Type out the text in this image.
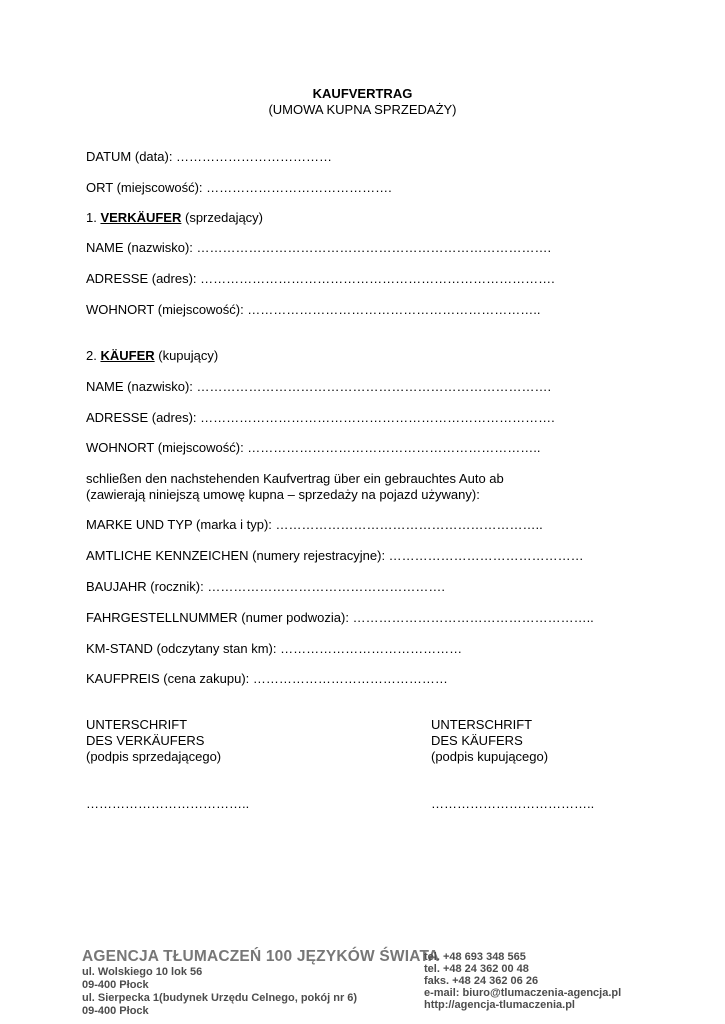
KAUFVERTRAG
(UMOWA KUPNA SPRZEDAŻY)
DATUM (data): ………………………………
ORT (miejscowość): …………………………………….
1. VERKÄUFER (sprzedający)
NAME (nazwisko): ……………………………………………………………………….
ADRESSE (adres): ……………………………………………………………………….
WOHNORT (miejscowość): …………………………………………………………..
2. KÄUFER (kupujący)
NAME (nazwisko): ……………………………………………………………………….
ADRESSE (adres): ……………………………………………………………………….
WOHNORT (miejscowość): …………………………………………………………..
schließen den nachstehenden Kaufvertrag über ein gebrauchtes Auto ab
(zawierają niniejszą umowę kupna – sprzedaży na pojazd używany):
MARKE UND TYP (marka i typ): ……………………………………………………..
AMTLICHE KENNZEICHEN (numery rejestracyjne): ………………………………………
BAUJAHR (rocznik): ……………………………………………….
FAHRGESTELLNUMMER (numer podwozia): ………………………………………………..
KM-STAND (odczytany stan km): ……………………………………
KAUFPREIS (cena zakupu): ………………………………………
UNTERSCHRIFT
DES VERKÄUFERS
(podpis sprzedającego)
………………………………..
UNTERSCHRIFT
DES KÄUFERS
(podpis kupującego)
………………………………..
AGENCJA TŁUMACZEŃ 100 JĘZYKÓW ŚWIATA
ul. Wolskiego 10 lok 56
09-400 Płock
ul. Sierpecka 1(budynek Urzędu Celnego, pokój nr 6)
09-400 Płock
tel. +48 693 348 565
tel. +48 24 362 00 48
faks. +48 24 362 06 26
e-mail: biuro@tlumaczenia-agencja.pl
http://agencja-tlumaczenia.pl
